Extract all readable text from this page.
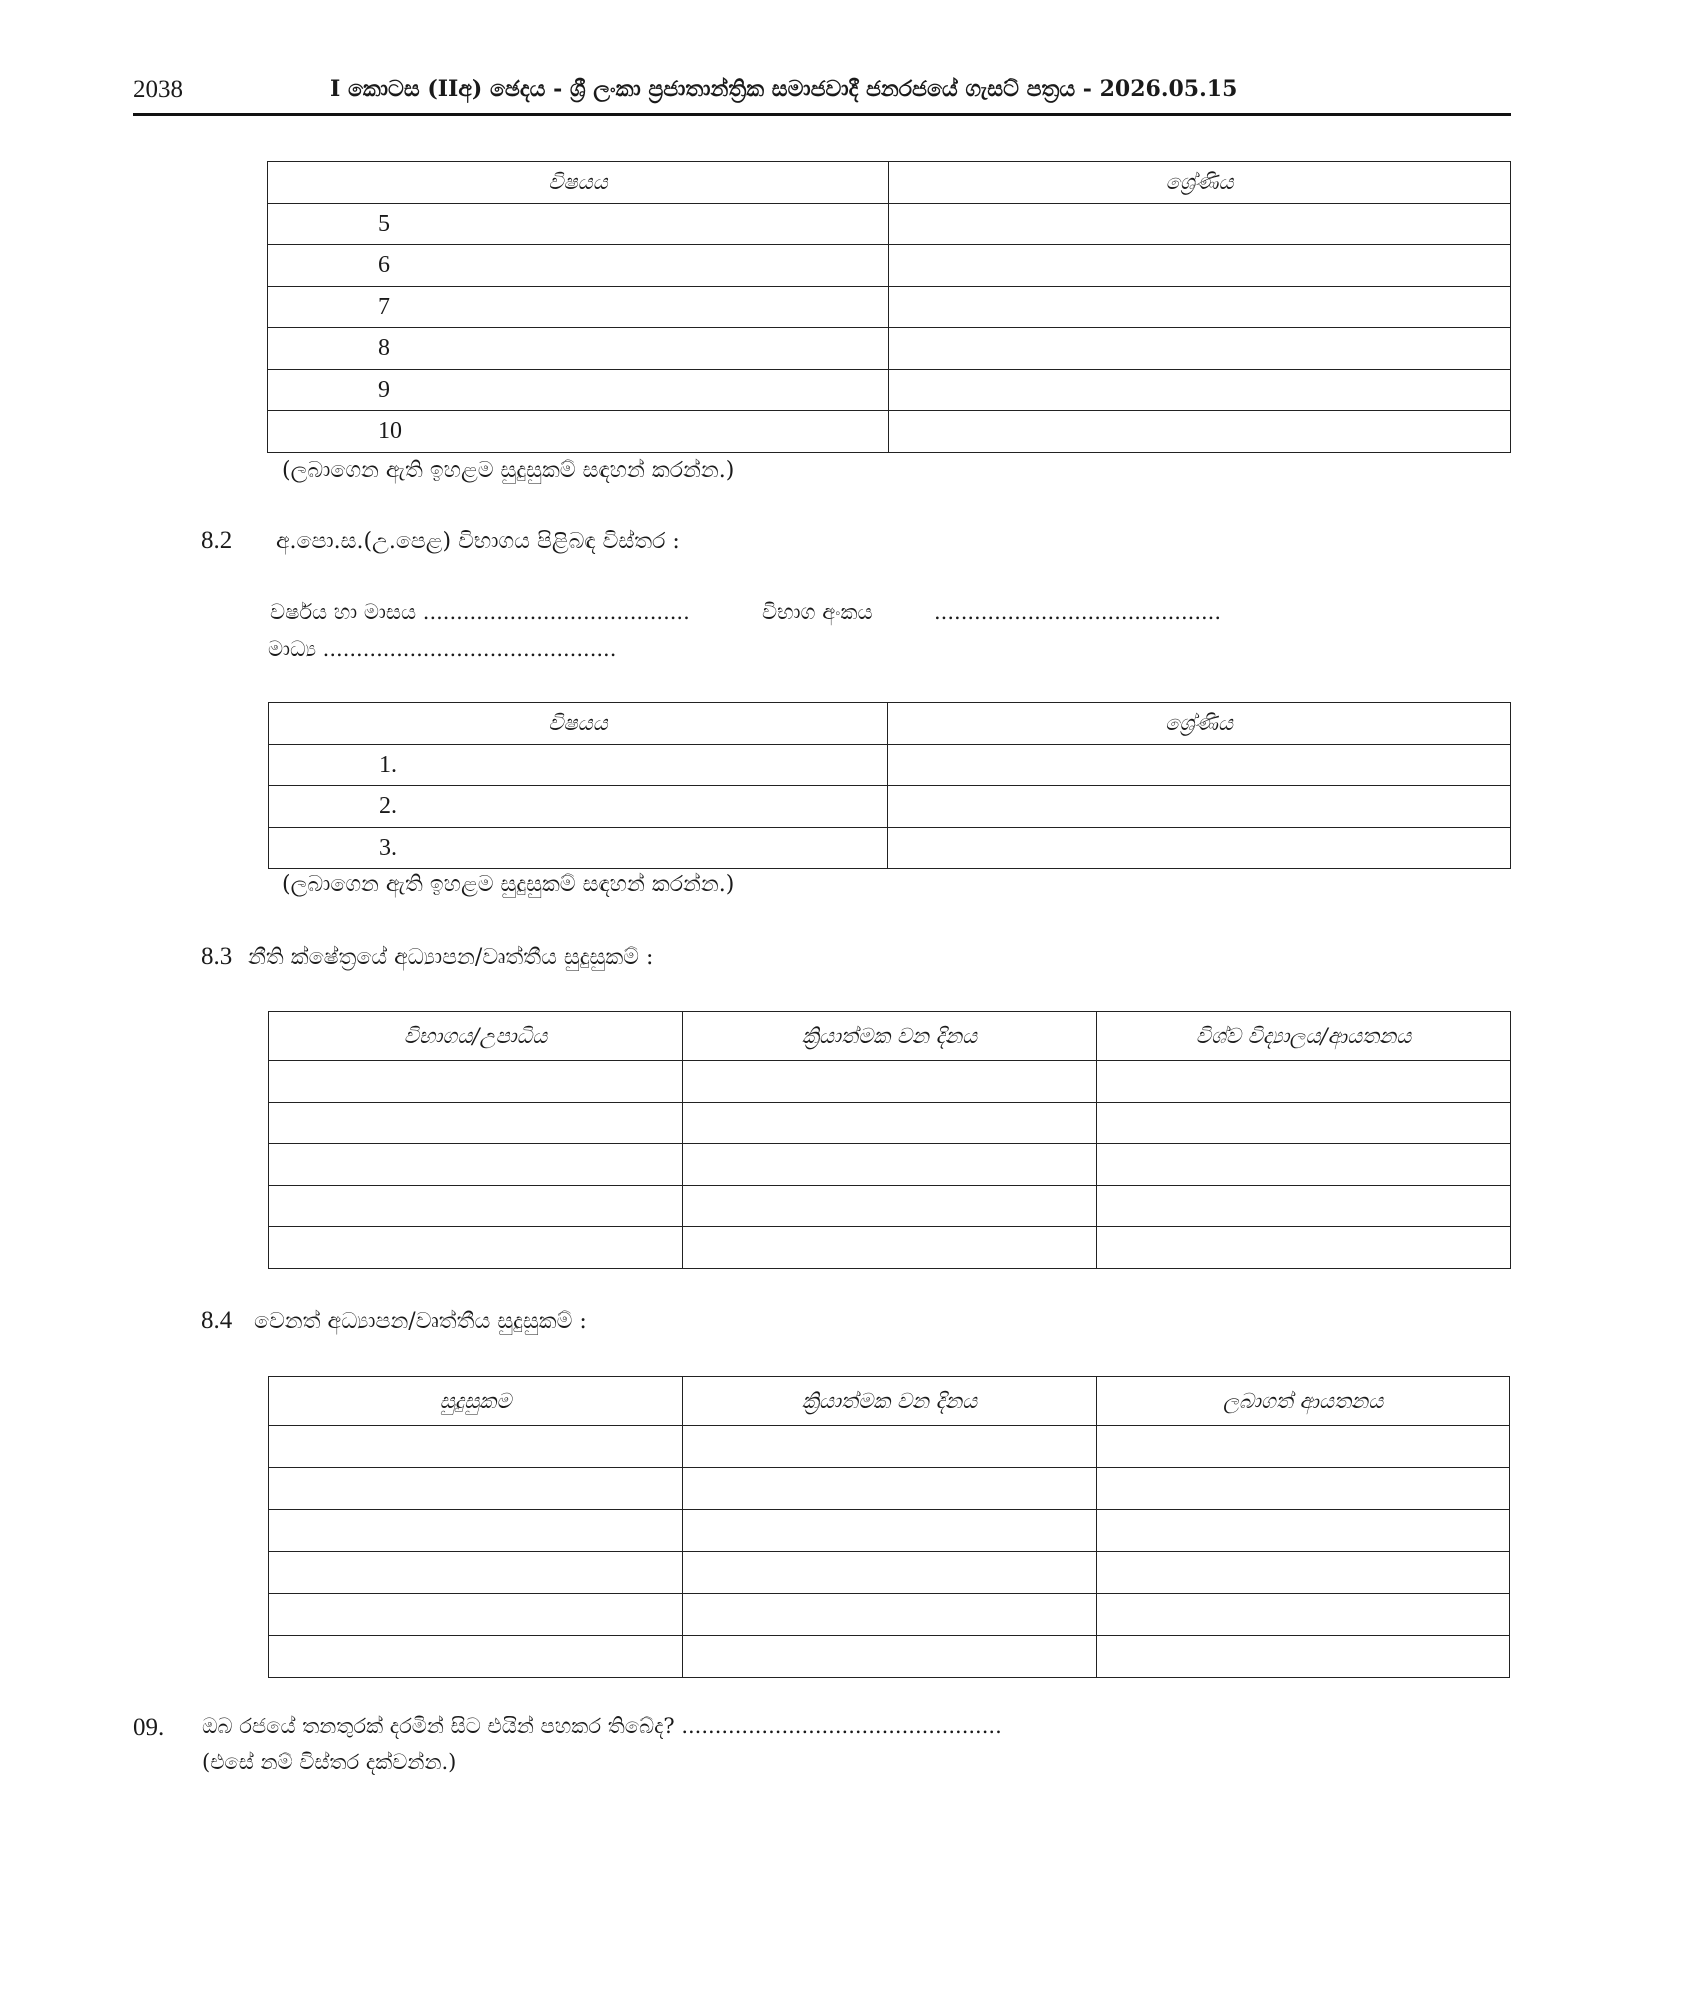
2038	I කොටස (IIඅ) ඡෙදය - ශ්‍රී ලංකා ප්‍රජාතාන්ත්‍රික සමාජවාදී ජනරජයේ ගැසට් පත්‍රය - 2026.05.15
විෂයය	ශ්‍රේණිය
5	
6	
7	
8	
9	
10	
(ලබාගෙන ඇති ඉහළම සුදුසුකම් සඳහන් කරන්න.)
8.2 අ.පො.ස.(උ.පෙළ) විභාගය පිළිබඳ විස්තර :
වර්ෂය හා මාසය ........................................	විභාග අංකය	...........................................
මාධ්‍ය ............................................
විෂයය	ශ්‍රේණිය
1.	
2.	
3.	
(ලබාගෙන ඇති ඉහළම සුදුසුකම් සඳහන් කරන්න.)
8.3 නීති ක්ෂේත්‍රයේ අධ්‍යාපන/වෘත්තීය සුදුසුකම් :
විභාගය/උපාධිය	ක්‍රියාත්මක වන දිනය	විශ්ව විද්‍යාලය/ආයතනය

8.4 වෙනත් අධ්‍යාපන/වෘත්තීය සුදුසුකම් :
සුදුසුකම	ක්‍රියාත්මක වන දිනය	ලබාගත් ආයතනය

09. ඔබ රජයේ තනතුරක් දරමින් සිට එයින් පහකර තිබේද? ................................................
(එසේ නම් විස්තර දක්වන්න.)
